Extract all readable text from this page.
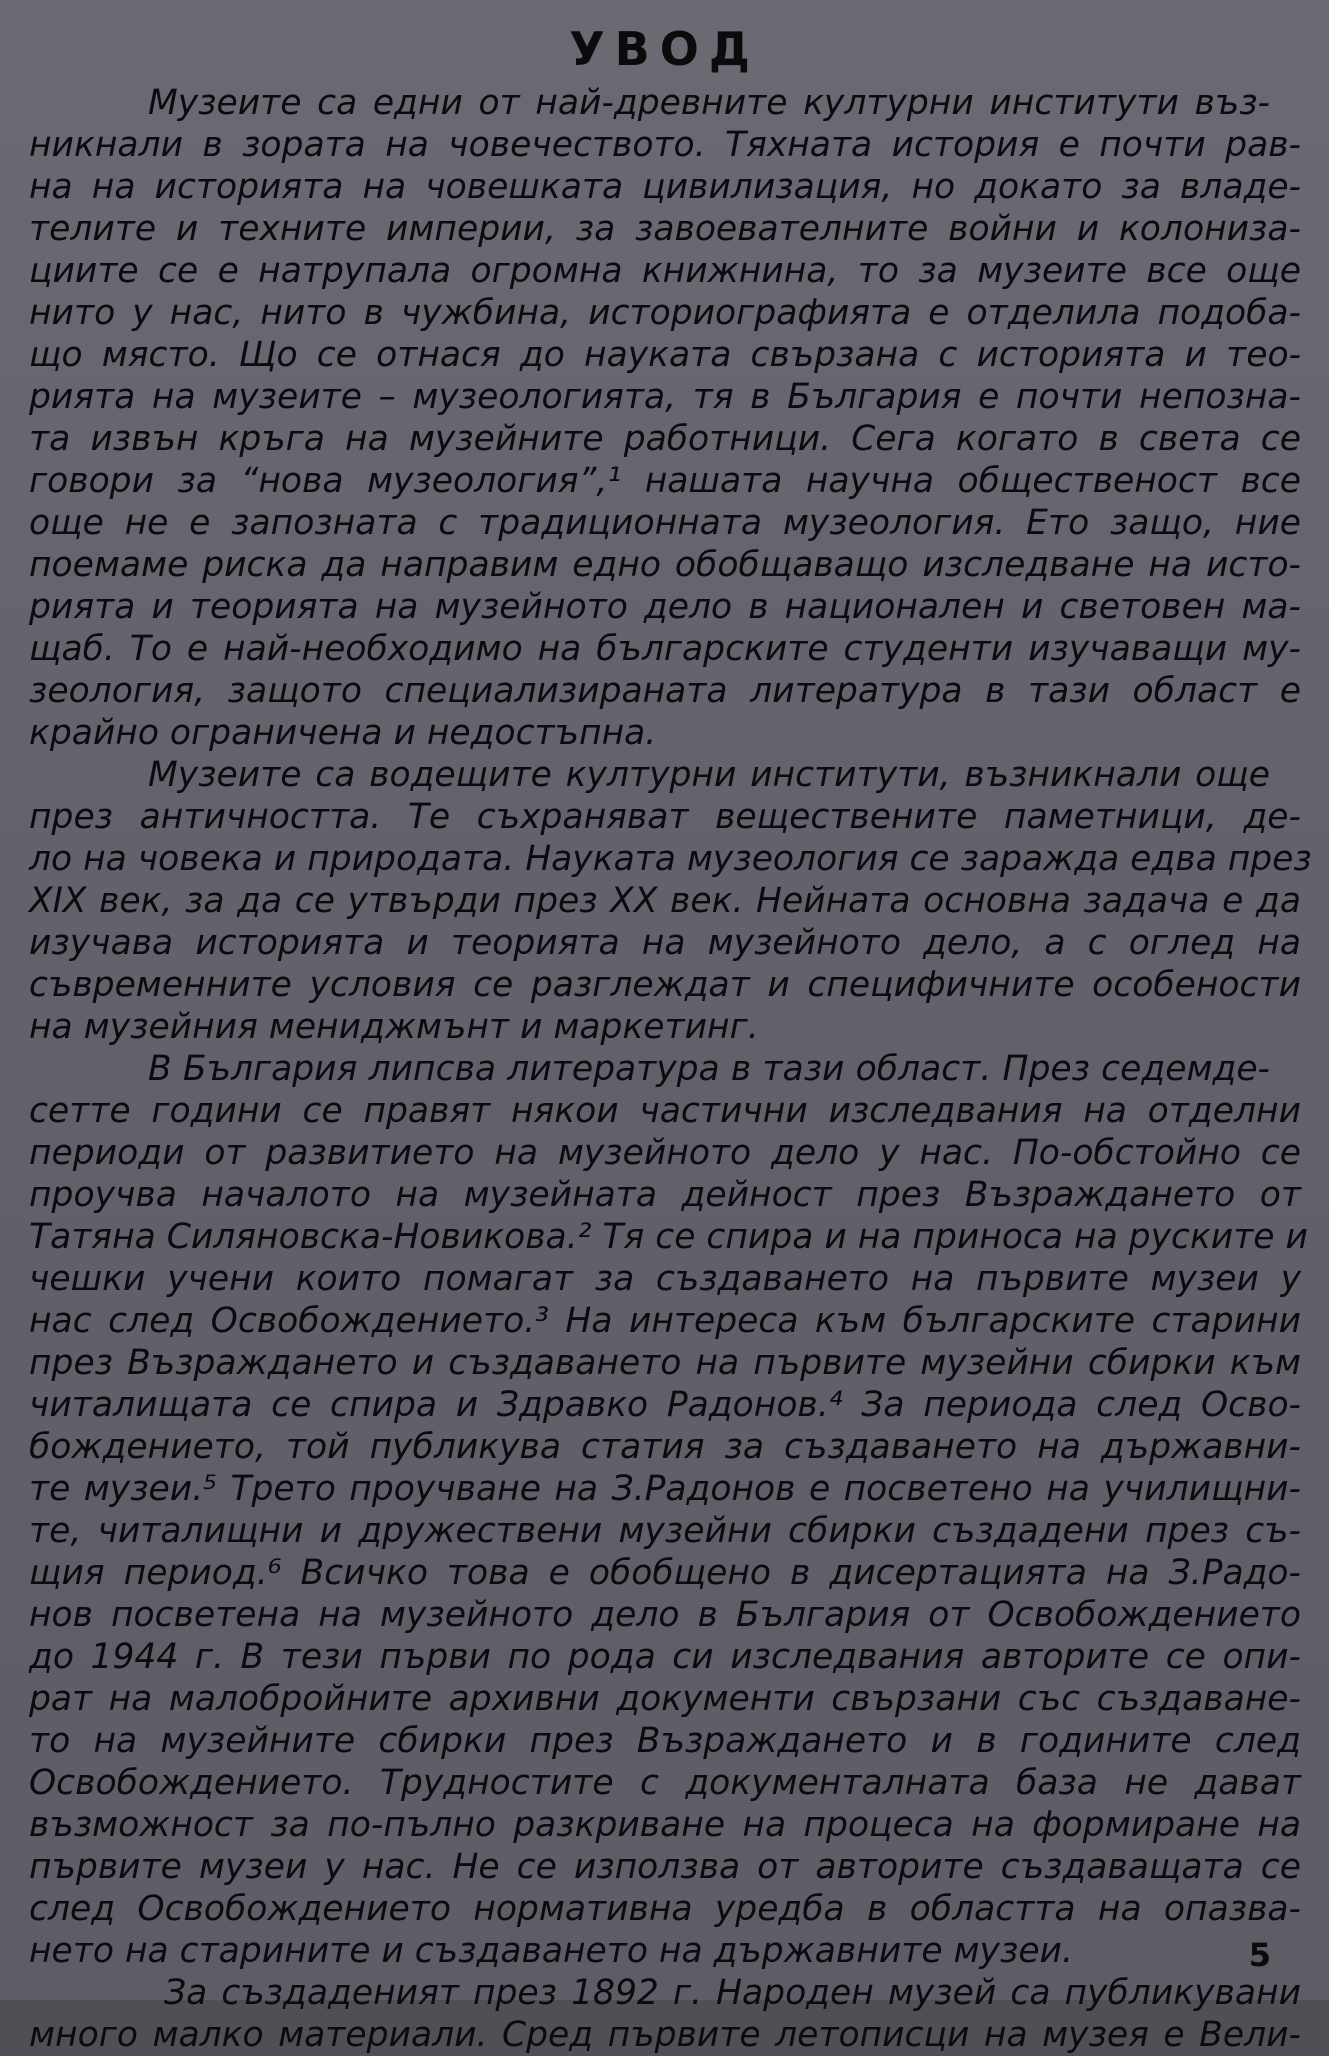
УВОД
Музеите са едни от най-древните културни институти въз-
никнали в зората на човечеството. Тяхната история е почти рав-
на на историята на човешката цивилизация, но докато за владе-
телите и техните империи, за завоевателните войни и колониза-
циите се е натрупала огромна книжнина, то за музеите все още
нито у нас, нито в чужбина, историографията е отделила подоба-
що място. Що се отнася до науката свързана с историята и тео-
рията на музеите – музеологията, тя в България е почти непозна-
та извън кръга на музейните работници. Сега когато в света се
говори за “нова музеология”,¹ нашата научна общественост все
още не е запозната с традиционната музеология. Ето защо, ние
поемаме риска да направим едно обобщаващо изследване на исто-
рията и теорията на музейното дело в национален и световен ма-
щаб. То е най-необходимо на българските студенти изучаващи му-
зеология, защото специализираната литература в тази област е
крайно ограничена и недостъпна.
Музеите са водещите културни институти, възникнали още
през античността. Те съхраняват веществените паметници, де-
ло на човека и природата. Науката музеология се заражда едва през
XIX век, за да се утвърди през XX век. Нейната основна задача е да
изучава историята и теорията на музейното дело, а с оглед на
съвременните условия се разглеждат и специфичните особености
на музейния мениджмънт и маркетинг.
В България липсва литература в тази област. През седемде-
сетте години се правят някои частични изследвания на отделни
периоди от развитието на музейното дело у нас. По-обстойно се
проучва началото на музейната дейност през Възраждането от
Татяна Силяновска-Новикова.² Тя се спира и на приноса на руските и
чешки учени които помагат за създаването на първите музеи у
нас след Освобождението.³ На интереса към българските старини
през Възраждането и създаването на първите музейни сбирки към
читалищата се спира и Здравко Радонов.⁴ За периода след Осво-
бождението, той публикува статия за създаването на държавни-
те музеи.⁵ Трето проучване на З.Радонов е посветено на училищни-
те, читалищни и дружествени музейни сбирки създадени през съ-
щия период.⁶ Всичко това е обобщено в дисертацията на З.Радо-
нов посветена на музейното дело в България от Освобождението
до 1944 г. В тези първи по рода си изследвания авторите се опи-
рат на малобройните архивни документи свързани със създаване-
то на музейните сбирки през Възраждането и в годините след
Освобождението. Трудностите с документалната база не дават
възможност за по-пълно разкриване на процеса на формиране на
първите музеи у нас. Не се използва от авторите създаващата се
след Освобождението нормативна уредба в областта на опазва-
нето на старините и създаването на държавните музеи.
За създаденият през 1892 г. Народен музей са публикувани
много малко материали. Сред първите летописци на музея е Вели-
5
